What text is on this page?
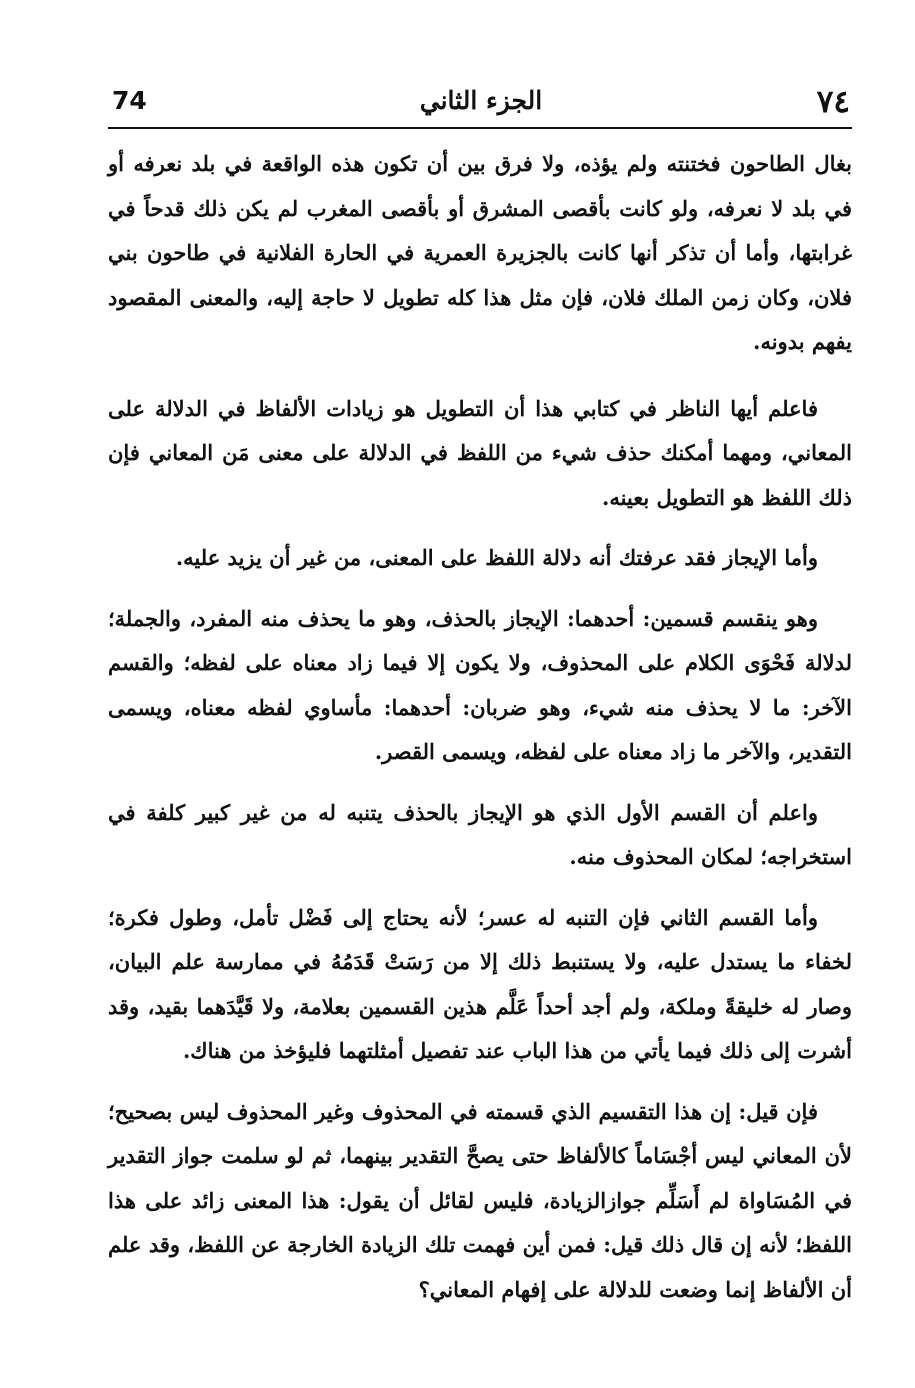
٧٤
الجزء الثاني
74

بغال الطاحون فختنته ولم يؤذه، ولا فرق بين أن تكون هذه الواقعة في بلد نعرفه أو في بلد لا نعرفه، ولو كانت بأقصى المشرق أو بأقصى المغرب لم يكن ذلك قدحاً في غرابتها، وأما أن تذكر أنها كانت بالجزيرة العمرية في الحارة الفلانية في طاحون بني فلان، وكان زمن الملك فلان، فإن مثل هذا كله تطويل لا حاجة إليه، والمعنى المقصود يفهم بدونه.

فاعلم أيها الناظر في كتابي هذا أن التطويل هو زيادات الألفاظ في الدلالة على المعاني، ومهما أمكنك حذف شيء من اللفظ في الدلالة على معنى مَن المعاني فإن ذلك اللفظ هو التطويل بعينه.

وأما الإيجاز فقد عرفتك أنه دلالة اللفظ على المعنى، من غير أن يزيد عليه.

وهو ينقسم قسمين: أحدهما: الإيجاز بالحذف، وهو ما يحذف منه المفرد، والجملة؛ لدلالة فَحْوَى الكلام على المحذوف، ولا يكون إلا فيما زاد معناه على لفظه؛ والقسم الآخر: ما لا يحذف منه شيء، وهو ضربان: أحدهما: مأساوي لفظه معناه، ويسمى التقدير، والآخر ما زاد معناه على لفظه، ويسمى القصر.

واعلم أن القسم الأول الذي هو الإيجاز بالحذف يتنبه له من غير كبير كلفة في استخراجه؛ لمكان المحذوف منه.

وأما القسم الثاني فإن التنبه له عسر؛ لأنه يحتاج إلى فَضْل تأمل، وطول فكرة؛ لخفاء ما يستدل عليه، ولا يستنبط ذلك إلا من رَسَتْ قَدَمُهُ في ممارسة علم البيان، وصار له خليقةً وملكة، ولم أجد أحداً عَلَّم هذين القسمين بعلامة، ولا قَيَّدَهما بقيد، وقد أشرت إلى ذلك فيما يأتي من هذا الباب عند تفصيل أمثلتهما فليؤخذ من هناك.

فإن قيل: إن هذا التقسيم الذي قسمته في المحذوف وغير المحذوف ليس بصحيح؛ لأن المعاني ليس أجْسَاماً كالألفاظ حتى يصحَّ التقدير بينهما، ثم لو سلمت جواز التقدير في المُسَاواة لم أَسَلِّم جوازالزيادة، فليس لقائل أن يقول: هذا المعنى زائد على هذا اللفظ؛ لأنه إن قال ذلك قيل: فمن أين فهمت تلك الزيادة الخارجة عن اللفظ، وقد علم أن الألفاظ إنما وضعت للدلالة على إفهام المعاني؟
